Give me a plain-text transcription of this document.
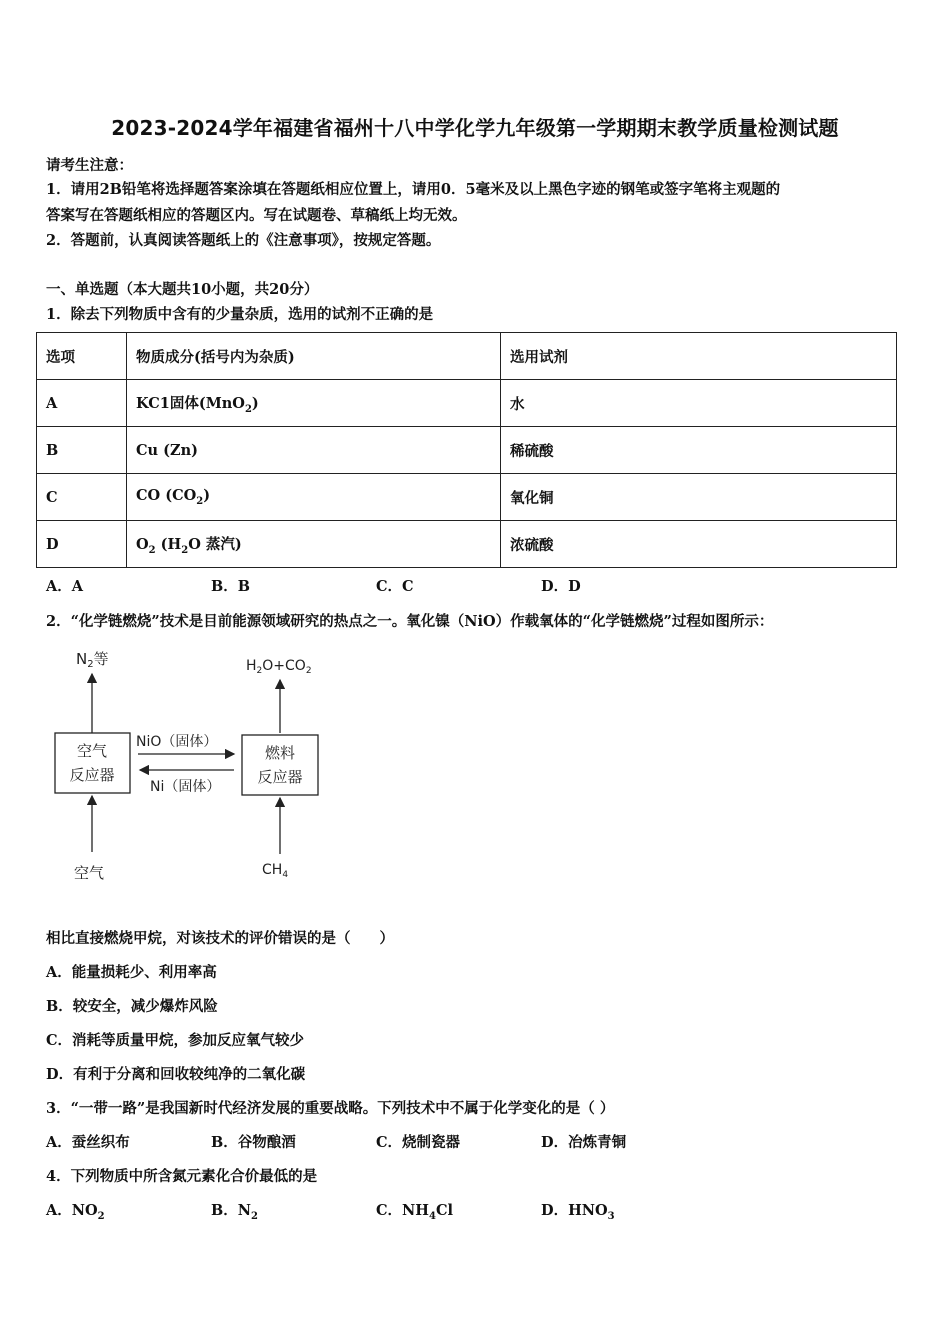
2023-2024学年福建省福州十八中学化学九年级第一学期期末教学质量检测试题
请考生注意：
1．请用2B铅笔将选择题答案涂填在答题纸相应位置上，请用0．5毫米及以上黑色字迹的钢笔或签字笔将主观题的
答案写在答题纸相应的答题区内。写在试题卷、草稿纸上均无效。
2．答题前，认真阅读答题纸上的《注意事项》，按规定答题。
一、单选题（本大题共10小题，共20分）
1．除去下列物质中含有的少量杂质，选用的试剂不正确的是
选项	物质成分(括号内为杂质)	选用试剂
A	KC1固体(MnO$_2$)	水
B	Cu (Zn)	稀硫酸
C	CO $(CO_2)$	氧化铜
D	$O_2$ ($H_2O$ 蒸汽)	浓硫酸
A．A	B．B	C．C	D．D
2．“化学链燃烧”技术是目前能源领域研究的热点之一。氧化镍（NiO）作载氧体的“化学链燃烧”过程如图所示：
$N_2$等	$H_2O+CO_2$
空气
反应器
燃料
反应器
NiO（固体）
Ni（固体）
空气	$CH_4$
相比直接燃烧甲烷，对该技术的评价错误的是（　　）
A．能量损耗少、利用率高
B．较安全，减少爆炸风险
C．消耗等质量甲烷，参加反应氧气较少
D．有利于分离和回收较纯净的二氧化碳
3．“一带一路”是我国新时代经济发展的重要战略。下列技术中不属于化学变化的是（ ）
A．蚕丝织布	B．谷物酿酒	C．烧制瓷器	D．冶炼青铜
4．下列物质中所含氮元素化合价最低的是
A．$NO_2$	B．$N_2$	C．$NH_4Cl$	D．$HNO_3$
